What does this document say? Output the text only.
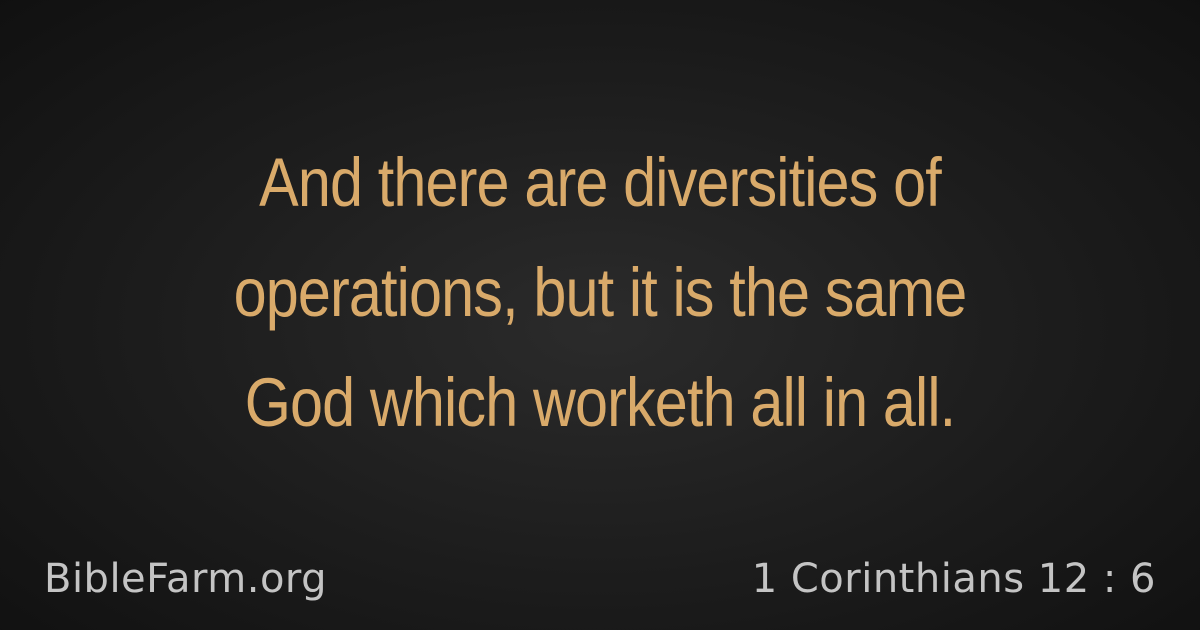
And there are diversities of
operations, but it is the same
God which worketh all in all.
BibleFarm.org	1 Corinthians 12 : 6
